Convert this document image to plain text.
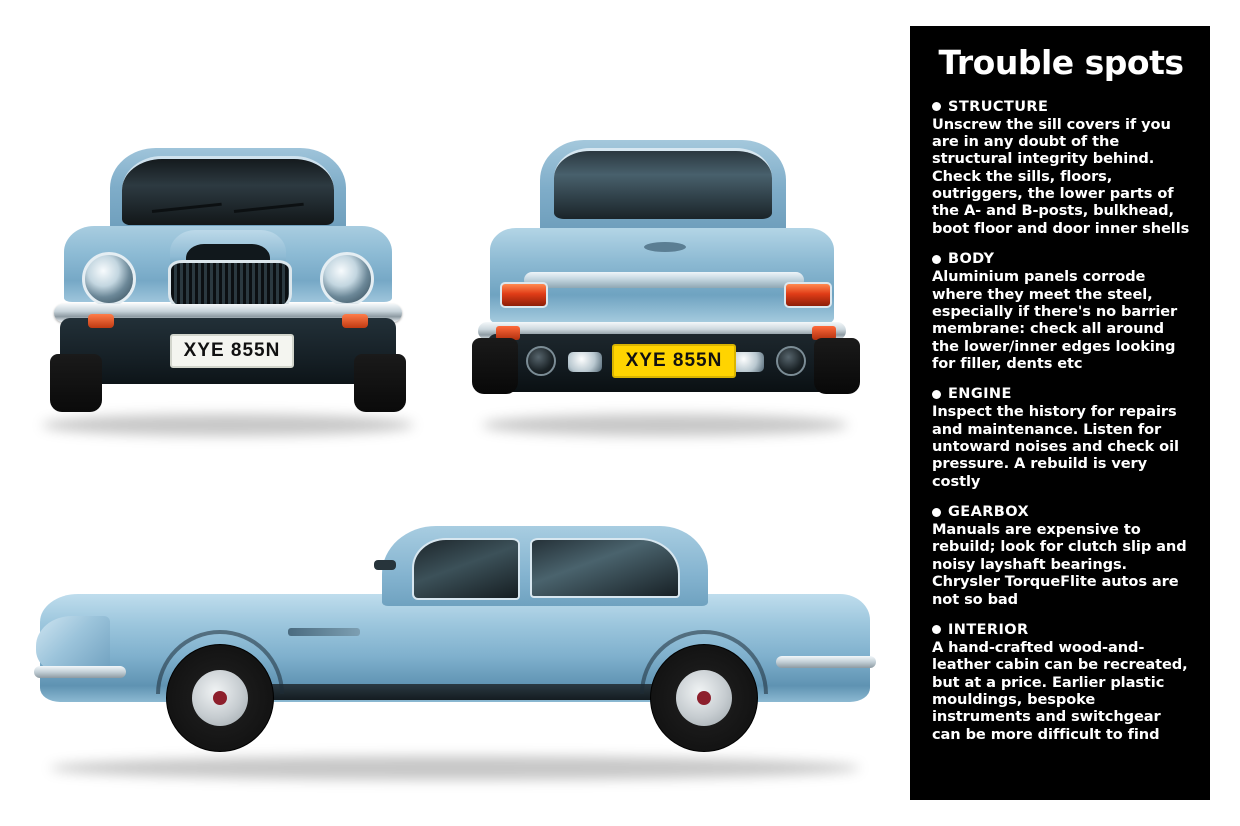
XYE 855N	XYE 855N
Trouble spots
STRUCTURE
Unscrew the sill covers if you are in any doubt of the structural integrity behind. Check the sills, floors, outriggers, the lower parts of the A- and B-posts, bulkhead, boot floor and door inner shells
BODY
Aluminium panels corrode where they meet the steel, especially if there's no barrier membrane: check all around the lower/inner edges looking for filler, dents etc
ENGINE
Inspect the history for repairs and maintenance. Listen for untoward noises and check oil pressure. A rebuild is very costly
GEARBOX
Manuals are expensive to rebuild; look for clutch slip and noisy layshaft bearings. Chrysler TorqueFlite autos are not so bad
INTERIOR
A hand-crafted wood-and-leather cabin can be recreated, but at a price. Earlier plastic mouldings, bespoke instruments and switchgear can be more difficult to find
